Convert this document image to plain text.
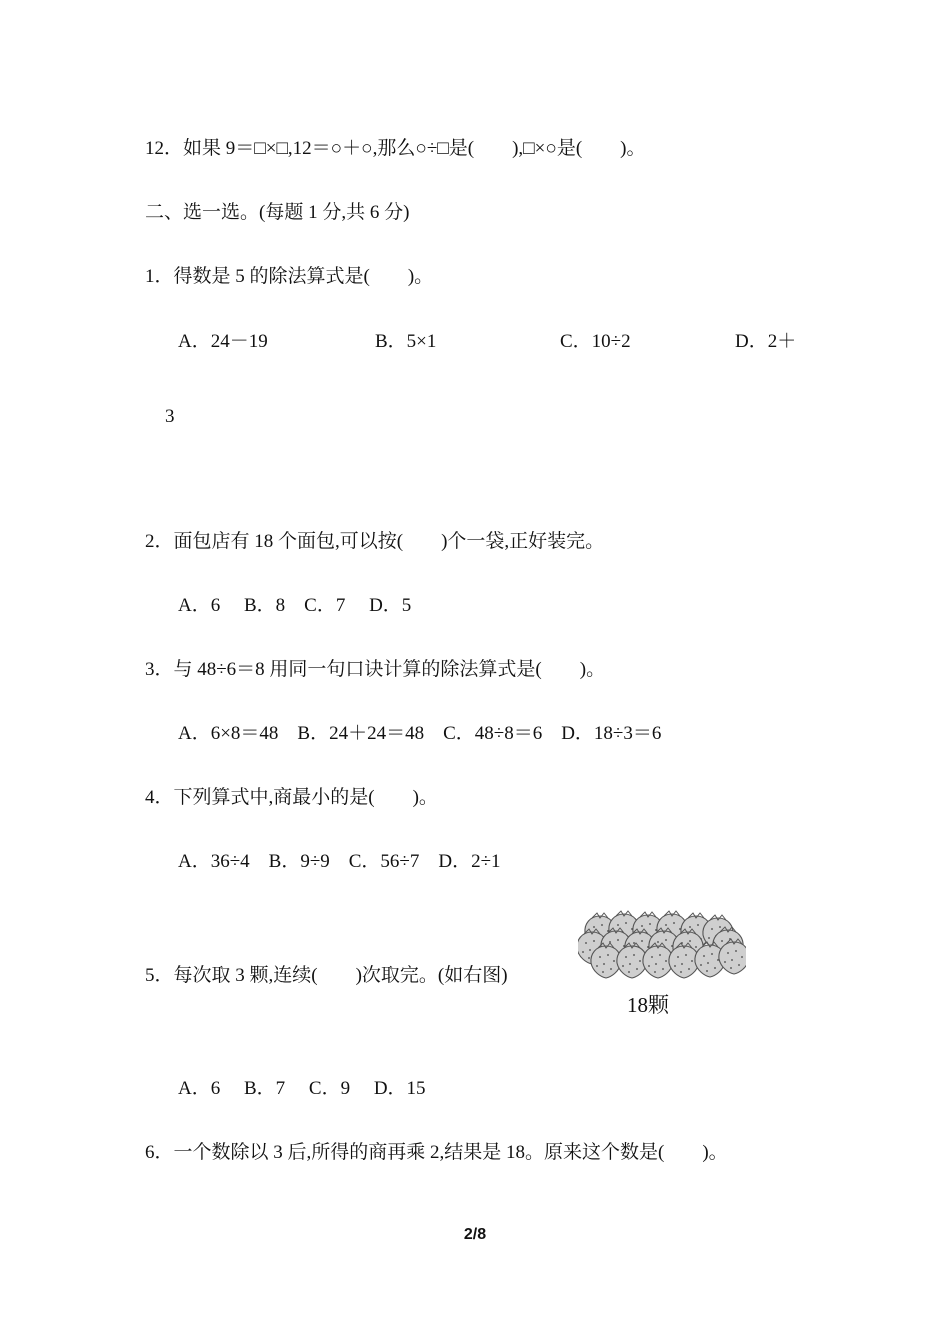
12．如果 9＝□×□,12＝○＋○,那么○÷□是(　　),□×○是(　　)。
二、选一选。(每题 1 分,共 6 分)
1．得数是 5 的除法算式是(　　)。
A．24－19	B．5×1	C．10÷2	D．2＋
3
2．面包店有 18 个面包,可以按(　　)个一袋,正好装完。
A．6　 B．8　C．7　 D．5
3．与 48÷6＝8 用同一句口诀计算的除法算式是(　　)。
A．6×8＝48　B．24＋24＝48　C．48÷8＝6　D．18÷3＝6
4．下列算式中,商最小的是(　　)。
A．36÷4　B．9÷9　C．56÷7　D．2÷1
5．每次取 3 颗,连续(　　)次取完。(如右图)
18颗
A．6　 B．7　 C．9　 D．15
6．一个数除以 3 后,所得的商再乘 2,结果是 18。原来这个数是(　　)。
2/8
